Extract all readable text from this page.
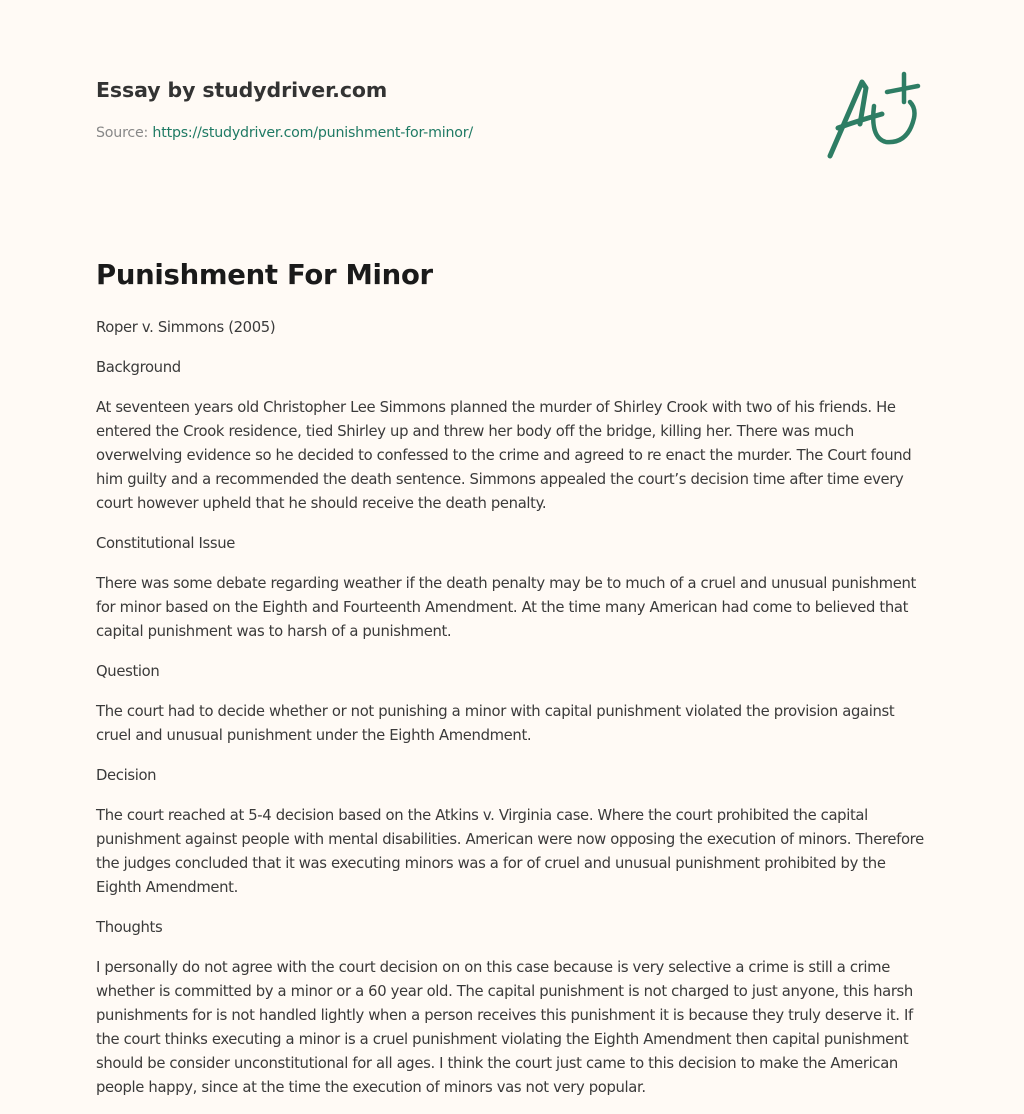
Essay by studydriver.com
Source: https://studydriver.com/punishment-for-minor/
Punishment For Minor

Roper v. Simmons (2005)

Background

At seventeen years old Christopher Lee Simmons planned the murder of Shirley Crook with two of his friends. He entered the Crook residence, tied Shirley up and threw her body off the bridge, killing her. There was much overwelving evidence so he decided to confessed to the crime and agreed to re enact the murder. The Court found him guilty and a recommended the death sentence. Simmons appealed the court’s decision time after time every court however upheld that he should receive the death penalty.

Constitutional Issue

There was some debate regarding weather if the death penalty may be to much of a cruel and unusual punishment for minor based on the Eighth and Fourteenth Amendment. At the time many American had come to believed that capital punishment was to harsh of a punishment.

Question

The court had to decide whether or not punishing a minor with capital punishment violated the provision against cruel and unusual punishment under the Eighth Amendment.

Decision

The court reached at 5-4 decision based on the Atkins v. Virginia case. Where the court prohibited the capital punishment against people with mental disabilities. American were now opposing the execution of minors. Therefore the judges concluded that it was executing minors was a for of cruel and unusual punishment prohibited by the Eighth Amendment.

Thoughts

I personally do not agree with the court decision on on this case because is very selective a crime is still a crime whether is committed by a minor or a 60 year old. The capital punishment is not charged to just anyone, this harsh punishments for is not handled lightly when a person receives this punishment it is because they truly deserve it. If the court thinks executing a minor is a cruel punishment violating the Eighth Amendment then capital punishment should be consider unconstitutional for all ages. I think the court just came to this decision to make the American people happy, since at the time the execution of minors vas not very popular.
